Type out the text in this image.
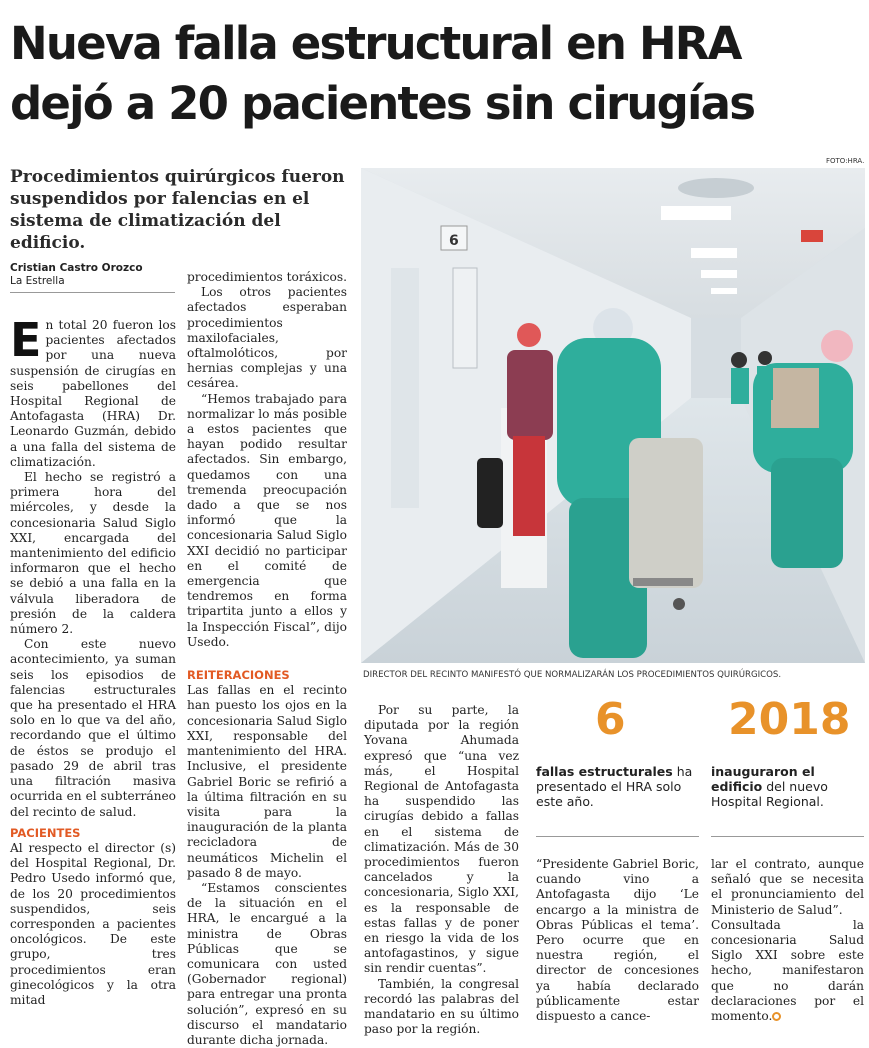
Nueva falla estructural en HRA
dejó a 20 pacientes sin cirugías
Procedimientos quirúrgicos fueron suspendidos por falencias en el sistema de climatización del edificio.
Cristian Castro Orozco
La Estrella

En total 20 fueron los pacientes afectados por una nueva suspensión de cirugías en seis pabellones del Hospital Regional de Antofagasta (HRA) Dr. Leonardo Guzmán, debido a una falla del sistema de climatización.

El hecho se registró a primera hora del miércoles, y desde la concesionaria Salud Siglo XXI, encargada del mantenimiento del edificio informaron que el hecho se debió a una falla en la válvula liberadora de presión de la caldera número 2.

Con este nuevo acontecimiento, ya suman seis los episodios de falencias estructurales que ha presentado el HRA solo en lo que va del año, recordando que el último de éstos se produjo el pasado 29 de abril tras una filtración masiva ocurrida en el subterráneo del recinto de salud.

PACIENTES

Al respecto el director (s) del Hospital Regional, Dr. Pedro Usedo informó que, de los 20 procedimientos suspendidos, seis corresponden a pacientes oncológicos. De este grupo, tres procedimientos eran ginecológicos y la otra mitad

procedimientos toráxicos.

Los otros pacientes afectados esperaban procedimientos maxilofaciales, oftalmolóticos, por hernias complejas y una cesárea.

“Hemos trabajado para normalizar lo más posible a estos pacientes que hayan podido resultar afectados. Sin embargo, quedamos con una tremenda preocupación dado a que se nos informó que la concesionaria Salud Siglo XXI decidió no participar en el comité de emergencia que tendremos en forma tripartita junto a ellos y la Inspección Fiscal”, dijo Usedo.

REITERACIONES

Las fallas en el recinto han puesto los ojos en la concesionaria Salud Siglo XXI, responsable del mantenimiento del HRA. Inclusive, el presidente Gabriel Boric se refirió a la última filtración en su visita para la inauguración de la planta recicladora de neumáticos Michelin el pasado 8 de mayo.

“Estamos conscientes de la situación en el HRA, le encargué a la ministra de Obras Públicas que se comunicara con usted (Gobernador regional) para entregar una pronta solución”, expresó en su discurso el mandatario durante dicha jornada.

FOTO:HRA.
6
DIRECTOR DEL RECINTO MANIFESTÓ QUE NORMALIZARÁN LOS PROCEDIMIENTOS QUIRÚRGICOS.

Por su parte, la diputada por la región Yovana Ahumada expresó que “una vez más, el Hospital Regional de Antofagasta ha suspendido las cirugías debido a fallas en el sistema de climatización. Más de 30 procedimientos fueron cancelados y la concesionaria, Siglo XXI, es la responsable de estas fallas y de poner en riesgo la vida de los antofagastinos, y sigue sin rendir cuentas”.

También, la congresal recordó las palabras del mandatario en su último paso por la región.

6
fallas estructurales ha presentado el HRA solo este año.
2018
inauguraron el edificio del nuevo Hospital Regional.

“Presidente Gabriel Boric, cuando vino a Antofagasta dijo ‘Le encargo a la ministra de Obras Públicas el tema’. Pero ocurre que en nuestra región, el director de concesiones ya había declarado públicamente estar dispuesto a cance-

lar el contrato, aunque señaló que se necesita el pronunciamiento del Ministerio de Salud”.

Consultada la concesionaria Salud Siglo XXI sobre este hecho, manifestaron que no darán declaraciones por el momento.
